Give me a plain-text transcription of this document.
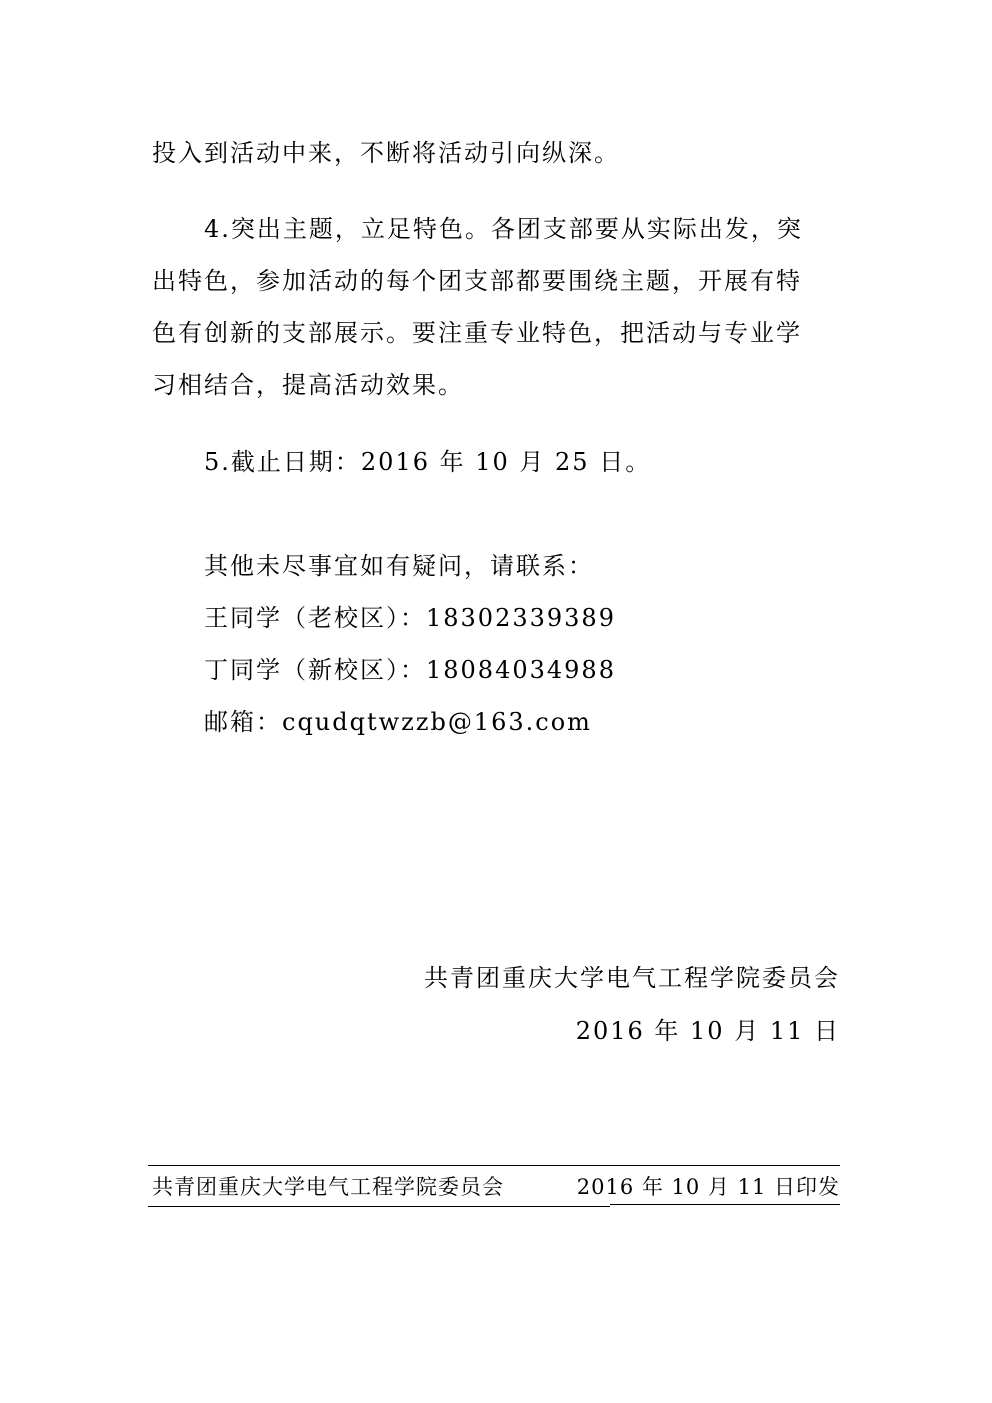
投入到活动中来，不断将活动引向纵深。
4.突出主题，立足特色。各团支部要从实际出发，突
出特色，参加活动的每个团支部都要围绕主题，开展有特
色有创新的支部展示。要注重专业特色，把活动与专业学
习相结合，提高活动效果。
5.截止日期：2016 年 10 月 25 日。
其他未尽事宜如有疑问，请联系：
王同学（老校区）：18302339389
丁同学（新校区）：18084034988
邮箱：cqudqtwzzb@163.com
共青团重庆大学电气工程学院委员会
2016 年 10 月 11 日
共青团重庆大学电气工程学院委员会	2016 年 10 月 11 日印发
